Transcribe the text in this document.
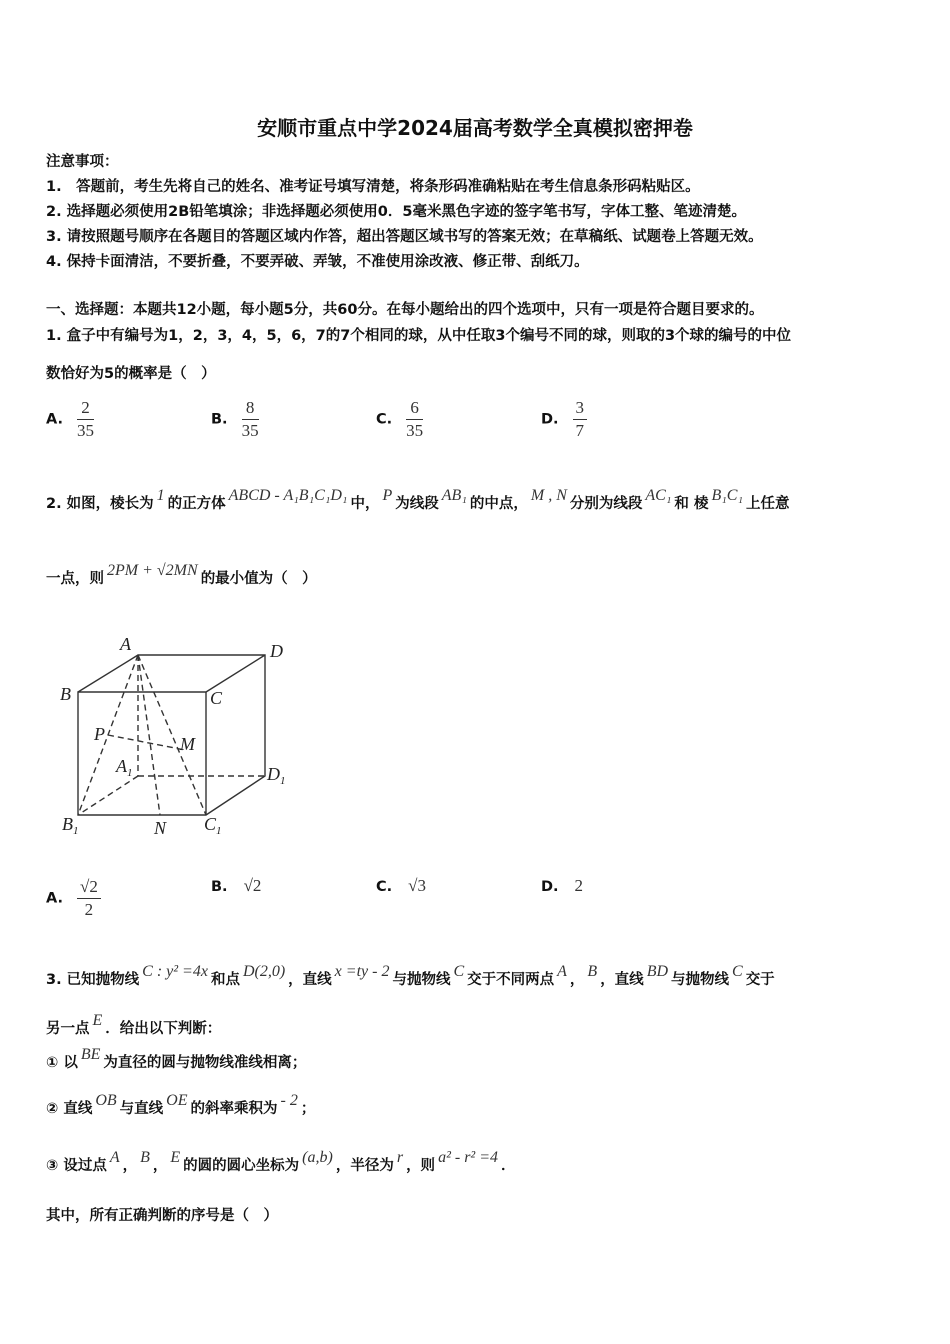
安顺市重点中学2024届高考数学全真模拟密押卷
注意事项：
1.　答题前，考生先将自己的姓名、准考证号填写清楚，将条形码准确粘贴在考生信息条形码粘贴区。
2. 选择题必须使用2B铅笔填涂；非选择题必须使用0．5毫米黑色字迹的签字笔书写，字体工整、笔迹清楚。
3. 请按照题号顺序在各题目的答题区域内作答，超出答题区域书写的答案无效；在草稿纸、试题卷上答题无效。
4. 保持卡面清洁，不要折叠，不要弄破、弄皱，不准使用涂改液、修正带、刮纸刀。
一、选择题：本题共12小题，每小题5分，共60分。在每小题给出的四个选项中，只有一项是符合题目要求的。
1. 盒子中有编号为1，2，3，4，5，6，7的7个相同的球，从中任取3个编号不同的球，则取的3个球的编号的中位
数恰好为5的概率是（　）
A. $\frac{2}{35}$	B. $\frac{8}{35}$	C. $\frac{6}{35}$	D. $\frac{3}{7}$
2. 如图，棱长为 1 的正方体 ABCD - A₁B₁C₁D₁ 中， P 为线段 AB₁ 的中点， M , N 分别为线段 AC₁ 和 棱 B₁C₁ 上任意
一点，则 2PM + √2MN 的最小值为（　）
A	D
B	C
P	M
$A_1$	$D_1$
$B_1$	N $C_1$
A. $\frac{√2}{2}$	B. √2	C. √3	D. 2
3. 已知抛物线 C : y² =4x 和点 D(2,0) ，直线 x =ty - 2 与抛物线 C 交于不同两点 A ， B ，直线 BD 与抛物线 C 交于
另一点 E ．给出以下判断：
① 以 BE 为直径的圆与抛物线准线相离；
② 直线 OB 与直线 OE 的斜率乘积为 - 2 ；
③ 设过点 A ， B ， E 的圆的圆心坐标为 (a,b) ，半径为 r ，则 a² - r² =4 ．
其中，所有正确判断的序号是（　）
